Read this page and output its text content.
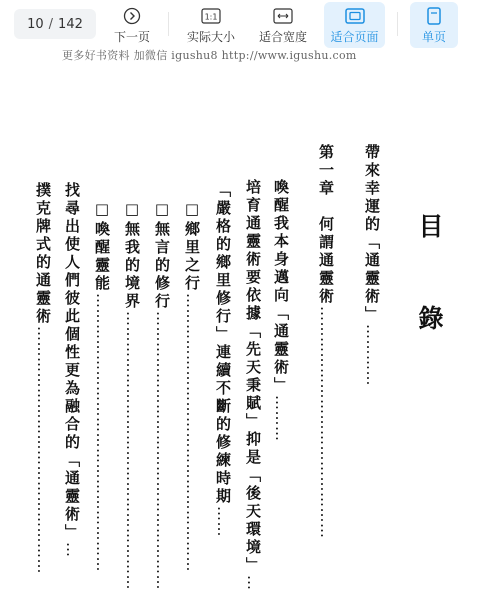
10 / 142
下一页
1:1
实际大小 适合宽度 适合页面	单页
更多好书资料 加微信 igushu8 http://www.igushu.com
目
錄
帶來幸運的「通靈術」…………
第一章　何謂通靈術………………………………………
喚醒我本身邁向「通靈術」………
培育通靈術要依據「先天秉賦」抑是「後天環境」…
「嚴格的鄉里修行」連續不斷的修練時期……
□鄉里之行………………………………………………
□無言的修行………………………………………………
□無我的境界………………………………………………
□喚醒靈能………………………………………………
找尋出使人們彼此個性更為融合的「通靈術」…
撲克牌式的通靈術…………………………………………
